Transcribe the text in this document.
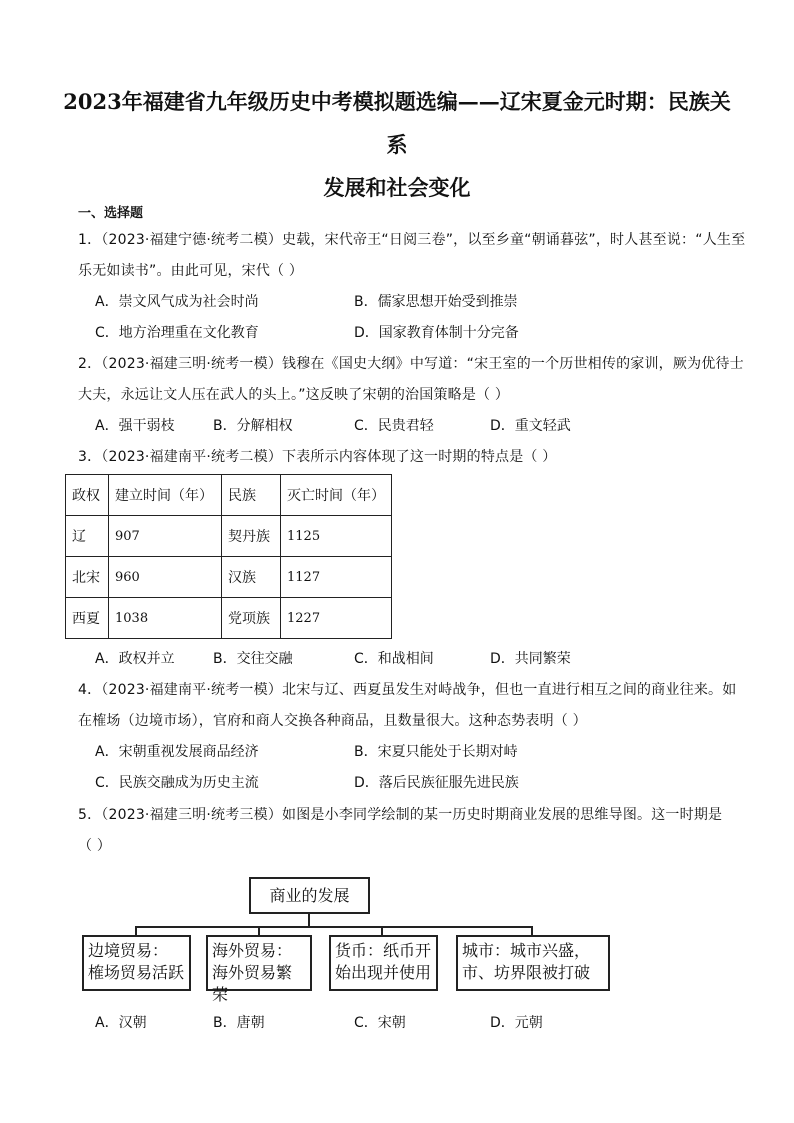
2023年福建省九年级历史中考模拟题选编——辽宋夏金元时期：民族关系
发展和社会变化
一、选择题
1．（2023·福建宁德·统考二模）史载，宋代帝王“日阅三卷”，以至乡童“朝诵暮弦”，时人甚至说：“人生至
乐无如读书”。由此可见，宋代（ ）
A．崇文风气成为社会时尚	B．儒家思想开始受到推崇
C．地方治理重在文化教育	D．国家教育体制十分完备
2．（2023·福建三明·统考一模）钱穆在《国史大纲》中写道：“宋王室的一个历世相传的家训，厥为优待士
大夫，永远让文人压在武人的头上。”这反映了宋朝的治国策略是（ ）
A．强干弱枝	B．分解相权	C．民贵君轻	D．重文轻武
3．（2023·福建南平·统考二模）下表所示内容体现了这一时期的特点是（ ）
政权	建立时间（年）	民族	灭亡时间（年）
辽	907	契丹族	1125
北宋	960	汉族	1127
西夏	1038	党项族	1227
A．政权并立	B．交往交融	C．和战相间	D．共同繁荣
4．（2023·福建南平·统考一模）北宋与辽、西夏虽发生对峙战争，但也一直进行相互之间的商业往来。如
在榷场（边境市场），官府和商人交换各种商品，且数量很大。这种态势表明（ ）
A．宋朝重视发展商品经济	B．宋夏只能处于长期对峙
C．民族交融成为历史主流	D．落后民族征服先进民族
5．（2023·福建三明·统考三模）如图是小李同学绘制的某一历史时期商业发展的思维导图。这一时期是
（ ）
商业的发展
边境贸易：
榷场贸易活跃
海外贸易：
海外贸易繁荣
货币：纸币开
始出现并使用
城市：城市兴盛，
市、坊界限被打破
A．汉朝	B．唐朝	C．宋朝	D．元朝
